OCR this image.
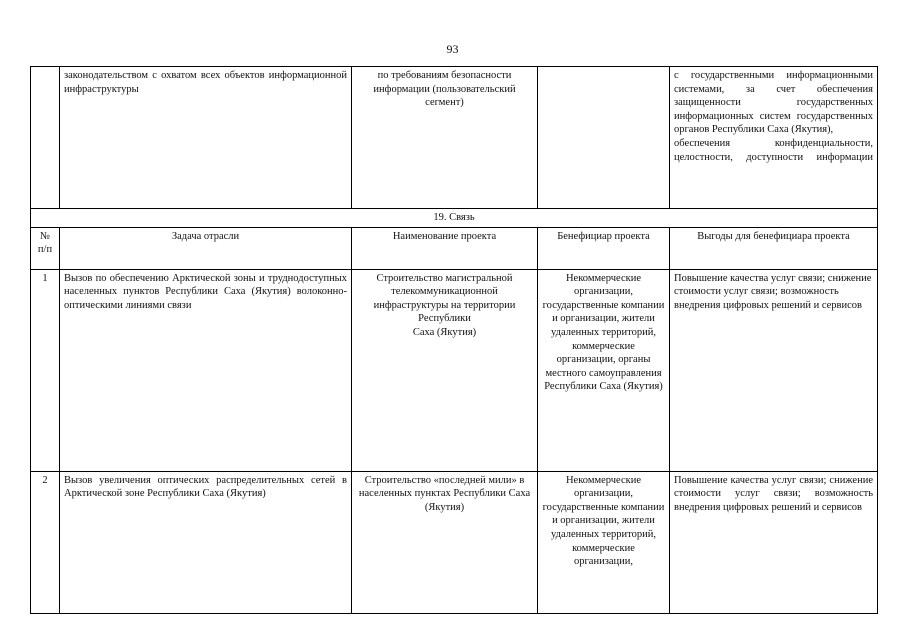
93
	законодательством с охватом всех объектов информационной инфраструктуры	по требованиям безопасности информации (пользовательский сегмент)		с государственными информационными системами, за счет обеспечения защищенности государственных информационных систем государственных органов Республики Саха (Якутия),
обеспечения конфиденциальности, целостности, доступности информации

19. Связь				
№ п/п	Задача отрасли	Наименование проекта	Бенефициар проекта	Выгоды для бенефициара проекта
1	Вызов по обеспечению Арктической зоны и труднодоступных населенных пунктов Республики Саха (Якутия) волоконно-оптическими линиями связи	Строительство магистральной телекоммуникационной инфраструктуры на территории Республики
Саха (Якутия)	Некоммерческие организации, государственные компании и организации, жители удаленных территорий, коммерческие организации, органы местного самоуправления Республики Саха (Якутия)	Повышение качества услуг связи; снижение стоимости услуг связи; возможность внедрения цифровых решений и сервисов
2	Вызов увеличения оптических распределительных сетей в Арктической зоне Республики Саха (Якутия)	Строительство «последней мили» в населенных пунктах Республики Саха (Якутия)	Некоммерческие организации, государственные компании и организации, жители удаленных территорий, коммерческие организации,	Повышение качества услуг связи; снижение стоимости услуг связи; возможность внедрения цифровых решений и сервисов
